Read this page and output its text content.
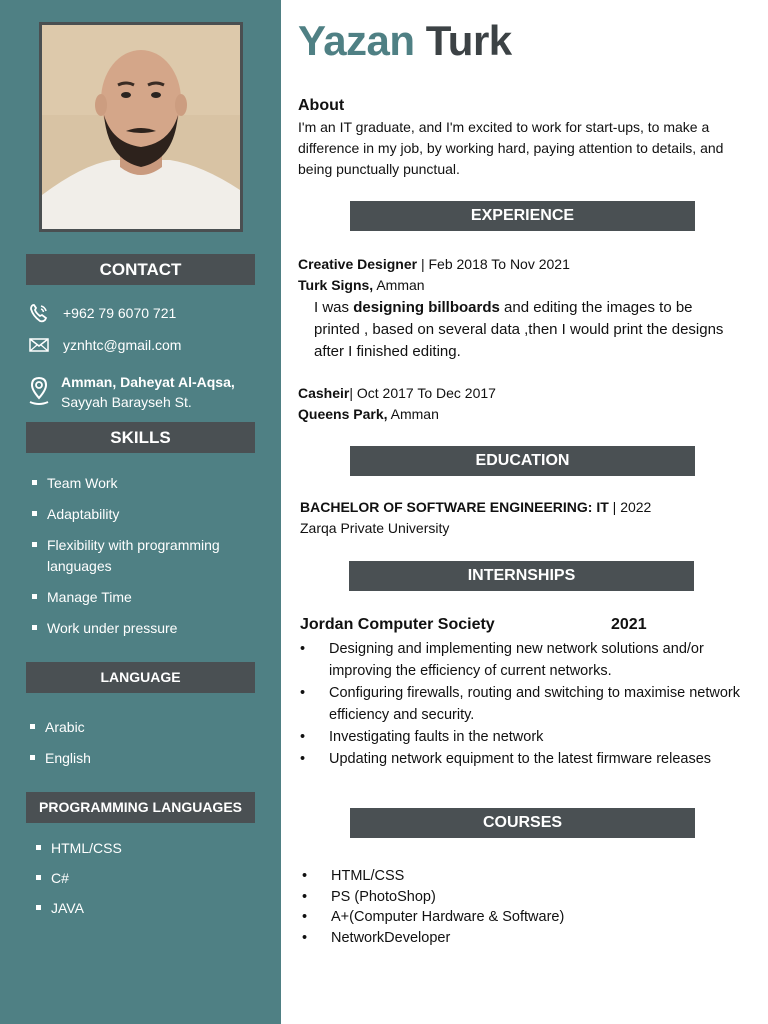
CONTACT
+962 79 6070 721
yznhtc@gmail.com
Amman, Daheyat Al-Aqsa,
Sayyah Barayseh St.
SKILLS
Team Work
Adaptability
Flexibility with programming languages
Manage Time
Work under pressure
LANGUAGE
Arabic
English
PROGRAMMING LANGUAGES
HTML/CSS
C#
JAVA
Yazan Turk
About
I'm an IT graduate, and I'm excited to work for start-ups, to make a difference in my job, by working hard, paying attention to details, and being punctually punctual.
EXPERIENCE
Creative Designer | Feb 2018 To Nov 2021
Turk Signs, Amman
I was designing billboards and editing the images to be printed , based on several data ,then I would print the designs after I finished editing.
Casheir| Oct 2017 To Dec 2017
Queens Park, Amman
EDUCATION
BACHELOR OF SOFTWARE ENGINEERING: IT | 2022
Zarqa Private University
INTERNSHIPS
Jordan Computer Society	2021
• Designing and implementing new network solutions and/or improving the efficiency of current networks.
• Configuring firewalls, routing and switching to maximise network efficiency and security.
• Investigating faults in the network
• Updating network equipment to the latest firmware releases
COURSES
• HTML/CSS
• PS (PhotoShop)
• A+(Computer Hardware & Software)
• NetworkDeveloper
